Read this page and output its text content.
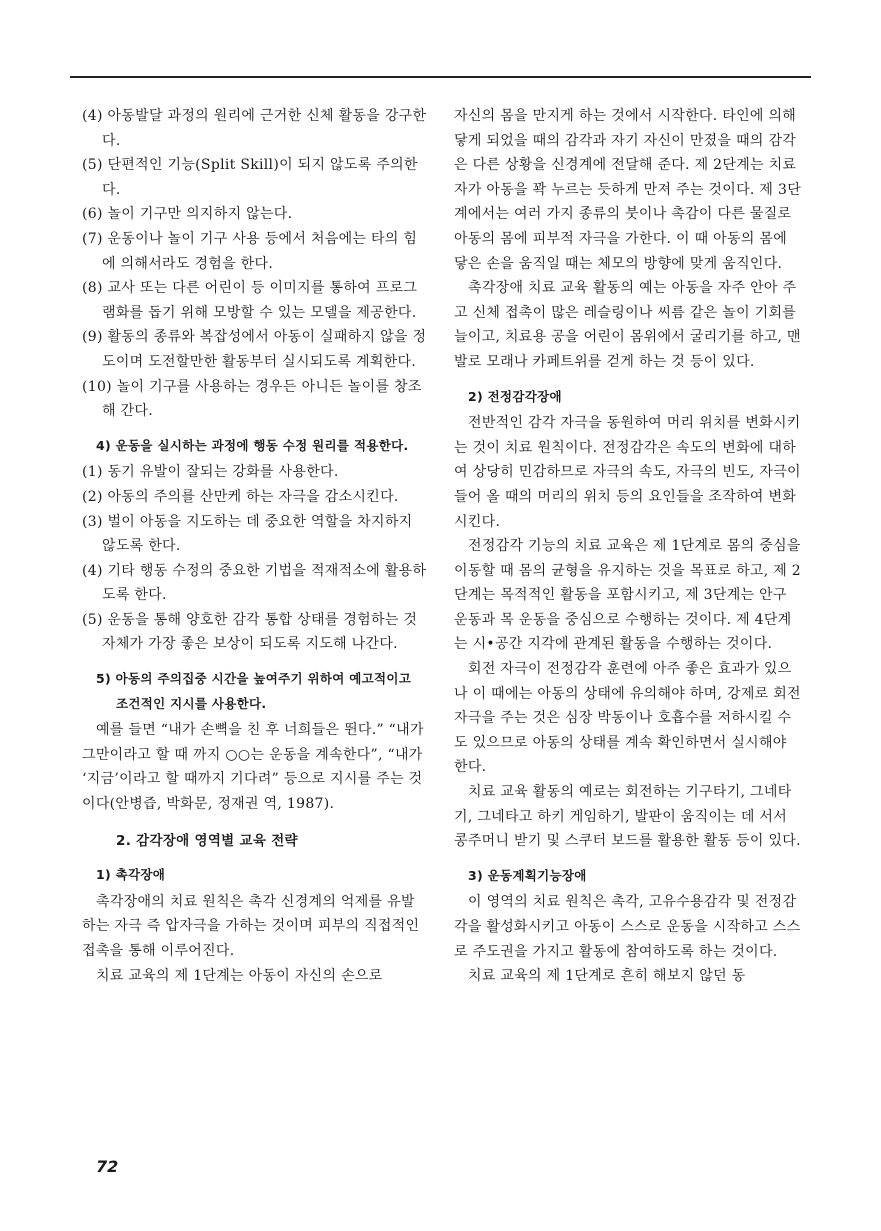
(4) 아동발달 과정의 원리에 근거한 신체 활동을 강구한다.
(5) 단편적인 기능(Split Skill)이 되지 않도록 주의한다.
(6) 놀이 기구만 의지하지 않는다.
(7) 운동이나 놀이 기구 사용 등에서 처음에는 타의 힘에 의해서라도 경험을 한다.
(8) 교사 또는 다른 어린이 등 이미지를 통하여 프로그램화를 돕기 위해 모방할 수 있는 모델을 제공한다.
(9) 활동의 종류와 복잡성에서 아동이 실패하지 않을 정도이며 도전할만한 활동부터 실시되도록 계획한다.
(10) 놀이 기구를 사용하는 경우든 아니든 놀이를 창조해 간다.
4) 운동을 실시하는 과정에 행동 수정 원리를 적용한다.
(1) 동기 유발이 잘되는 강화를 사용한다.
(2) 아동의 주의를 산만케 하는 자극을 감소시킨다.
(3) 벌이 아동을 지도하는 데 중요한 역할을 차지하지 않도록 한다.
(4) 기타 행동 수정의 중요한 기법을 적재적소에 활용하도록 한다.
(5) 운동을 통해 양호한 감각 통합 상태를 경험하는 것 자체가 가장 좋은 보상이 되도록 지도해 나간다.
5) 아동의 주의집중 시간을 높여주기 위하여 예고적이고 조건적인 지시를 사용한다.
예를 들면 “내가 손뼉을 친 후 너희들은 뛴다.” “내가 그만이라고 할 때 까지 ○○는 운동을 계속한다”, “내가 ‘지금’이라고 할 때까지 기다려” 등으로 지시를 주는 것이다(안병즙, 박화문, 정재권 역, 1987).
2. 감각장애 영역별 교육 전략
1) 촉각장애
촉각장애의 치료 원칙은 촉각 신경계의 억제를 유발하는 자극 즉 압자극을 가하는 것이며 피부의 직접적인 접촉을 통해 이루어진다.
치료 교육의 제 1단계는 아동이 자신의 손으로
자신의 몸을 만지게 하는 것에서 시작한다. 타인에 의해 닿게 되었을 때의 감각과 자기 자신이 만졌을 때의 감각은 다른 상황을 신경계에 전달해 준다. 제 2단계는 치료자가 아동을 꽉 누르는 듯하게 만져 주는 것이다. 제 3단계에서는 여러 가지 종류의 붓이나 촉감이 다른 물질로 아동의 몸에 피부적 자극을 가한다. 이 때 아동의 몸에 닿은 손을 움직일 때는 체모의 방향에 맞게 움직인다.
촉각장애 치료 교육 활동의 예는 아동을 자주 안아 주고 신체 접촉이 많은 레슬링이나 씨름 같은 놀이 기회를 늘이고, 치료용 공을 어린이 몸위에서 굴리기를 하고, 맨발로 모래나 카페트위를 걷게 하는 것 등이 있다.
2) 전정감각장애
전반적인 감각 자극을 동원하여 머리 위치를 변화시키는 것이 치료 원칙이다. 전정감각은 속도의 변화에 대하여 상당히 민감하므로 자극의 속도, 자극의 빈도, 자극이 들어 올 때의 머리의 위치 등의 요인들을 조작하여 변화시킨다.
전정감각 기능의 치료 교육은 제 1단계로 몸의 중심을 이동할 때 몸의 균형을 유지하는 것을 목표로 하고, 제 2단계는 목적적인 활동을 포함시키고, 제 3단계는 안구 운동과 목 운동을 중심으로 수행하는 것이다. 제 4단계는 시•공간 지각에 관계된 활동을 수행하는 것이다.
회전 자극이 전정감각 훈련에 아주 좋은 효과가 있으나 이 때에는 아동의 상태에 유의해야 하며, 강제로 회전 자극을 주는 것은 심장 박동이나 호흡수를 저하시킬 수도 있으므로 아동의 상태를 계속 확인하면서 실시해야 한다.
치료 교육 활동의 예로는 회전하는 기구타기, 그네타기, 그네타고 하키 게임하기, 발판이 움직이는 데 서서 콩주머니 받기 및 스쿠터 보드를 활용한 활동 등이 있다.
3) 운동계획기능장애
이 영역의 치료 원칙은 촉각, 고유수용감각 및 전정감각을 활성화시키고 아동이 스스로 운동을 시작하고 스스로 주도권을 가지고 활동에 참여하도록 하는 것이다.
치료 교육의 제 1단계로 흔히 해보지 않던 동
72
